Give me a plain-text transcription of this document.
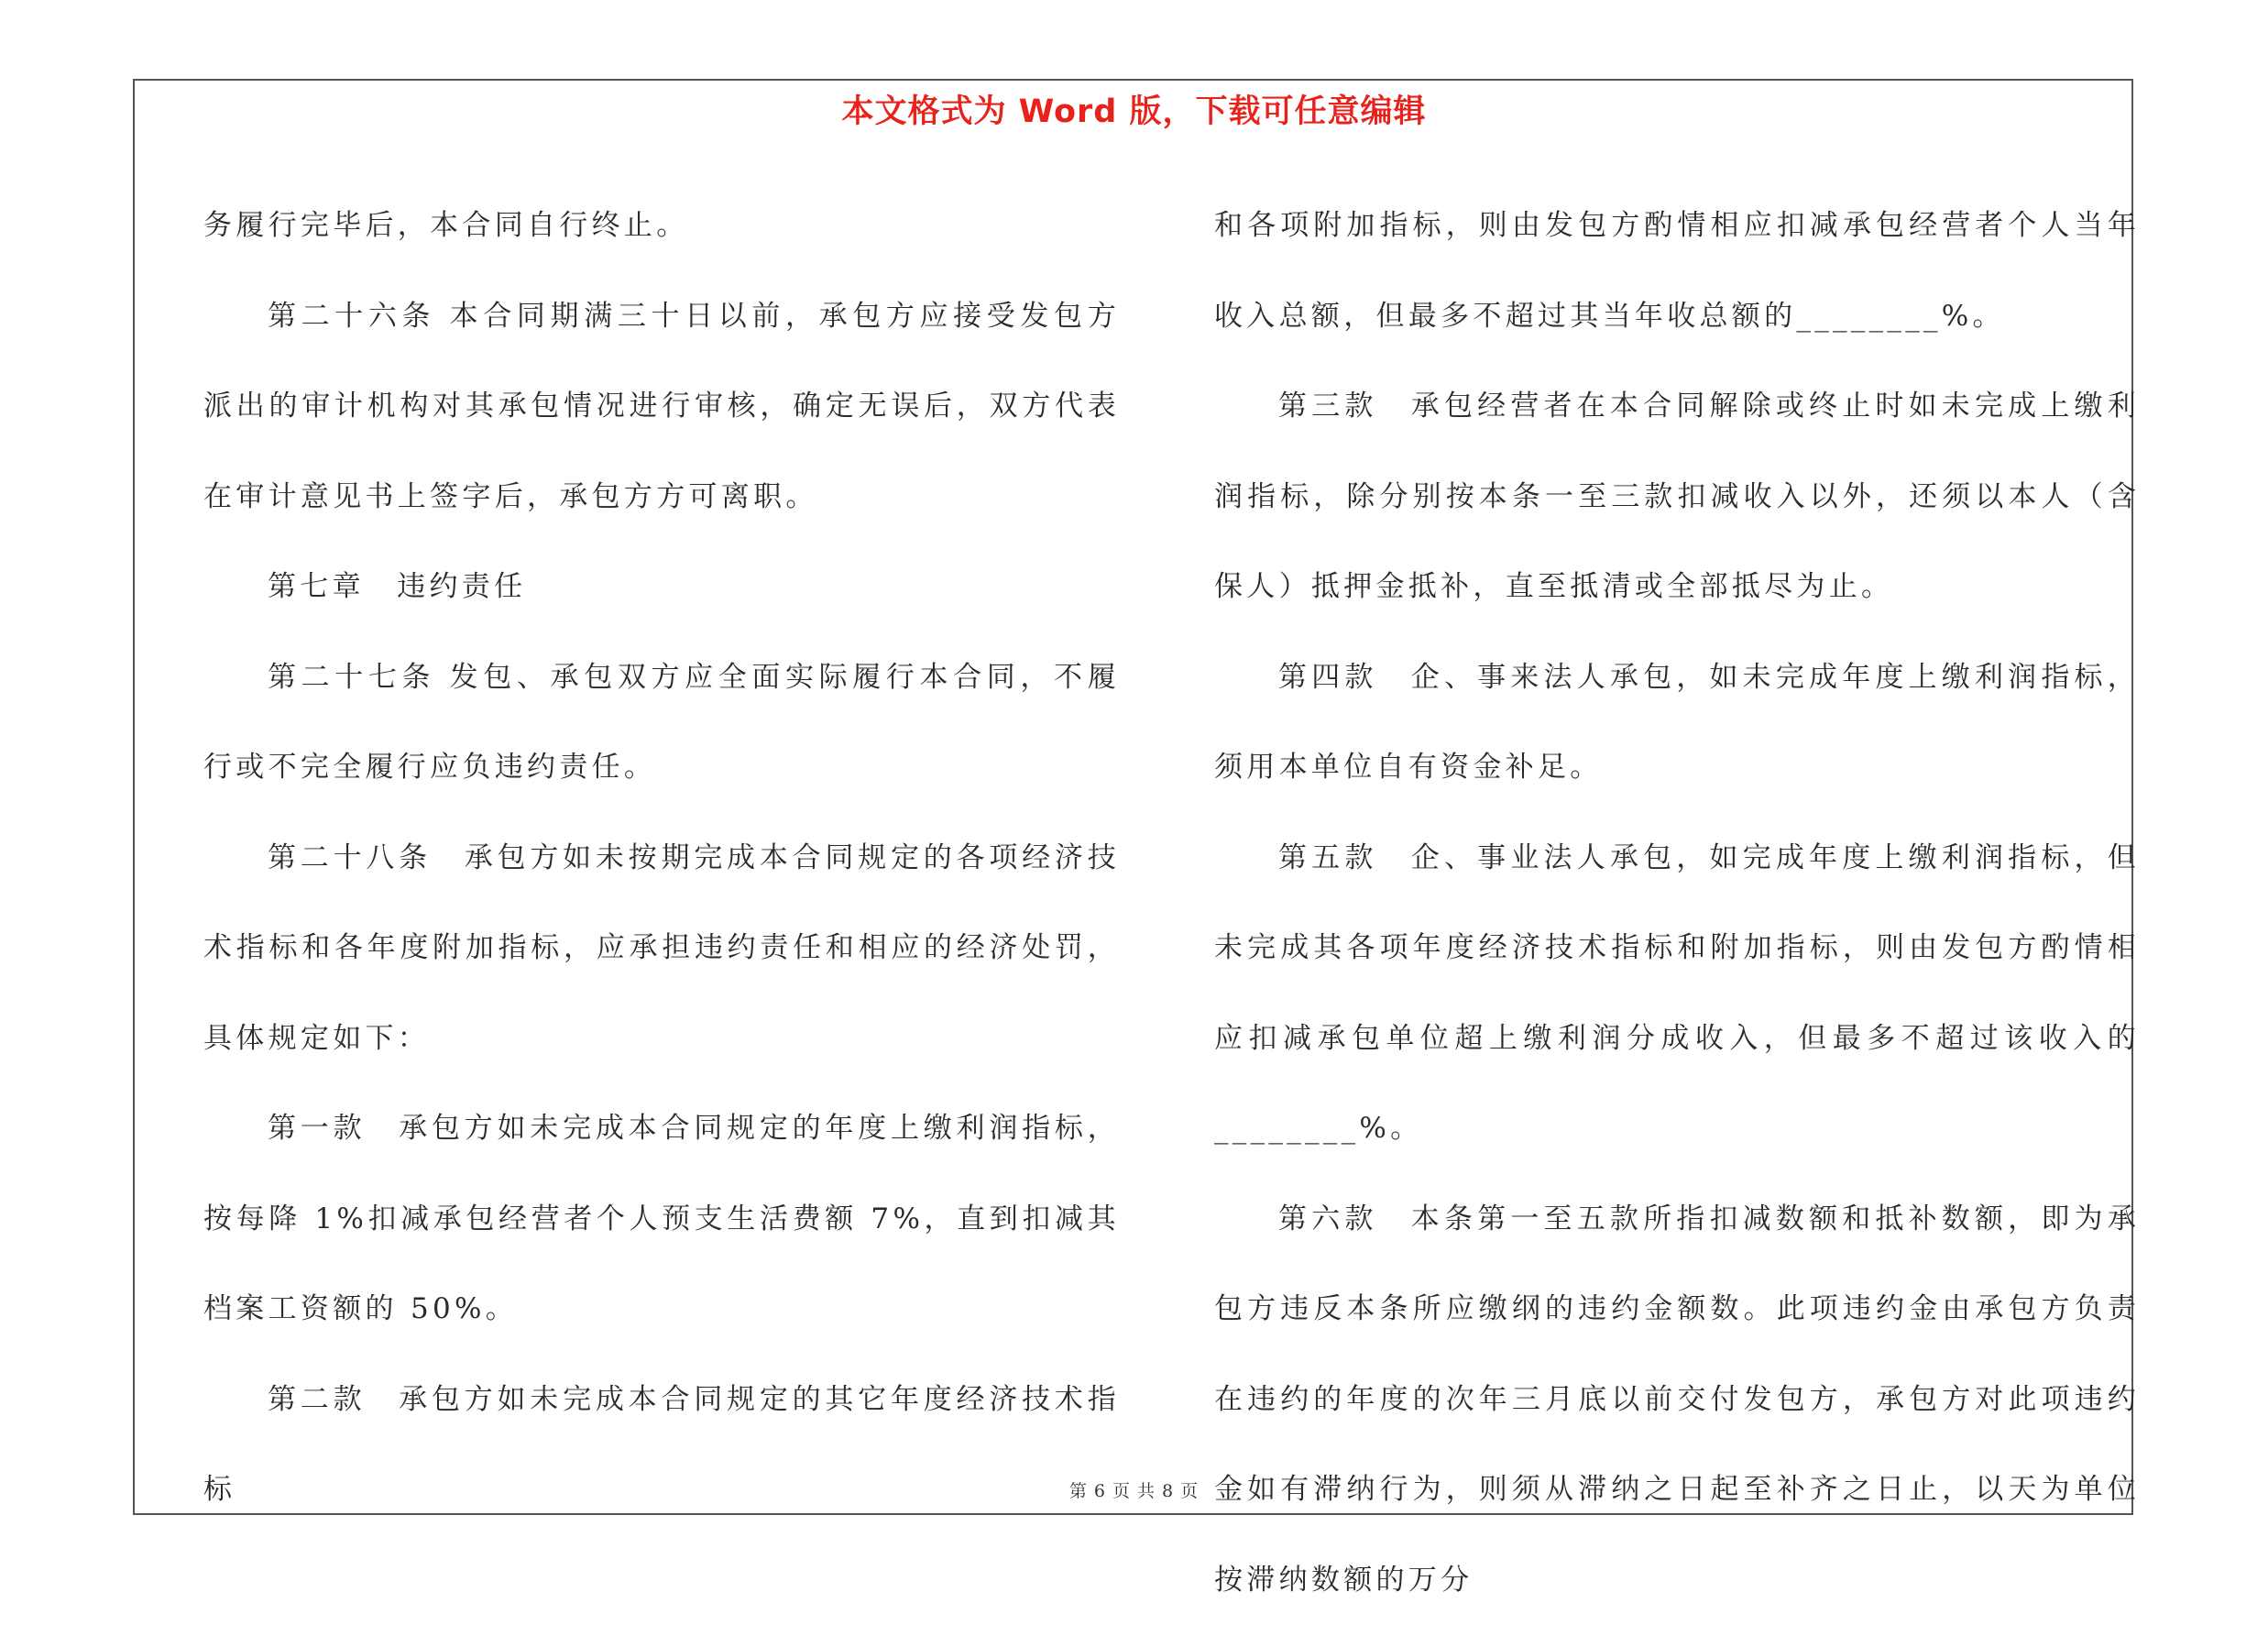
本文格式为 Word 版，下载可任意编辑

务履行完毕后，本合同自行终止。

第二十六条 本合同期满三十日以前，承包方应接受发包方派出的审计机构对其承包情况进行审核，确定无误后，双方代表在审计意见书上签字后，承包方方可离职。

第七章　违约责任

第二十七条 发包、承包双方应全面实际履行本合同，不履行或不完全履行应负违约责任。

第二十八条　承包方如未按期完成本合同规定的各项经济技术指标和各年度附加指标，应承担违约责任和相应的经济处罚，具体规定如下：

第一款　承包方如未完成本合同规定的年度上缴利润指标，按每降 1%扣减承包经营者个人预支生活费额 7%，直到扣减其档案工资额的 50%。

第二款　承包方如未完成本合同规定的其它年度经济技术指标

和各项附加指标，则由发包方酌情相应扣减承包经营者个人当年收入总额，但最多不超过其当年收总额的________%。

第三款　承包经营者在本合同解除或终止时如未完成上缴利润指标，除分别按本条一至三款扣减收入以外，还须以本人（含保人）抵押金抵补，直至抵清或全部抵尽为止。

第四款　企、事来法人承包，如未完成年度上缴利润指标，须用本单位自有资金补足。

第五款　企、事业法人承包，如完成年度上缴利润指标，但未完成其各项年度经济技术指标和附加指标，则由发包方酌情相应扣减承包单位超上缴利润分成收入，但最多不超过该收入的________%。

第六款　本条第一至五款所指扣减数额和抵补数额，即为承包方违反本条所应缴纲的违约金额数。此项违约金由承包方负责在违约的年度的次年三月底以前交付发包方，承包方对此项违约金如有滞纳行为，则须从滞纳之日起至补齐之日止，以天为单位按滞纳数额的万分

第 6 页 共 8 页
